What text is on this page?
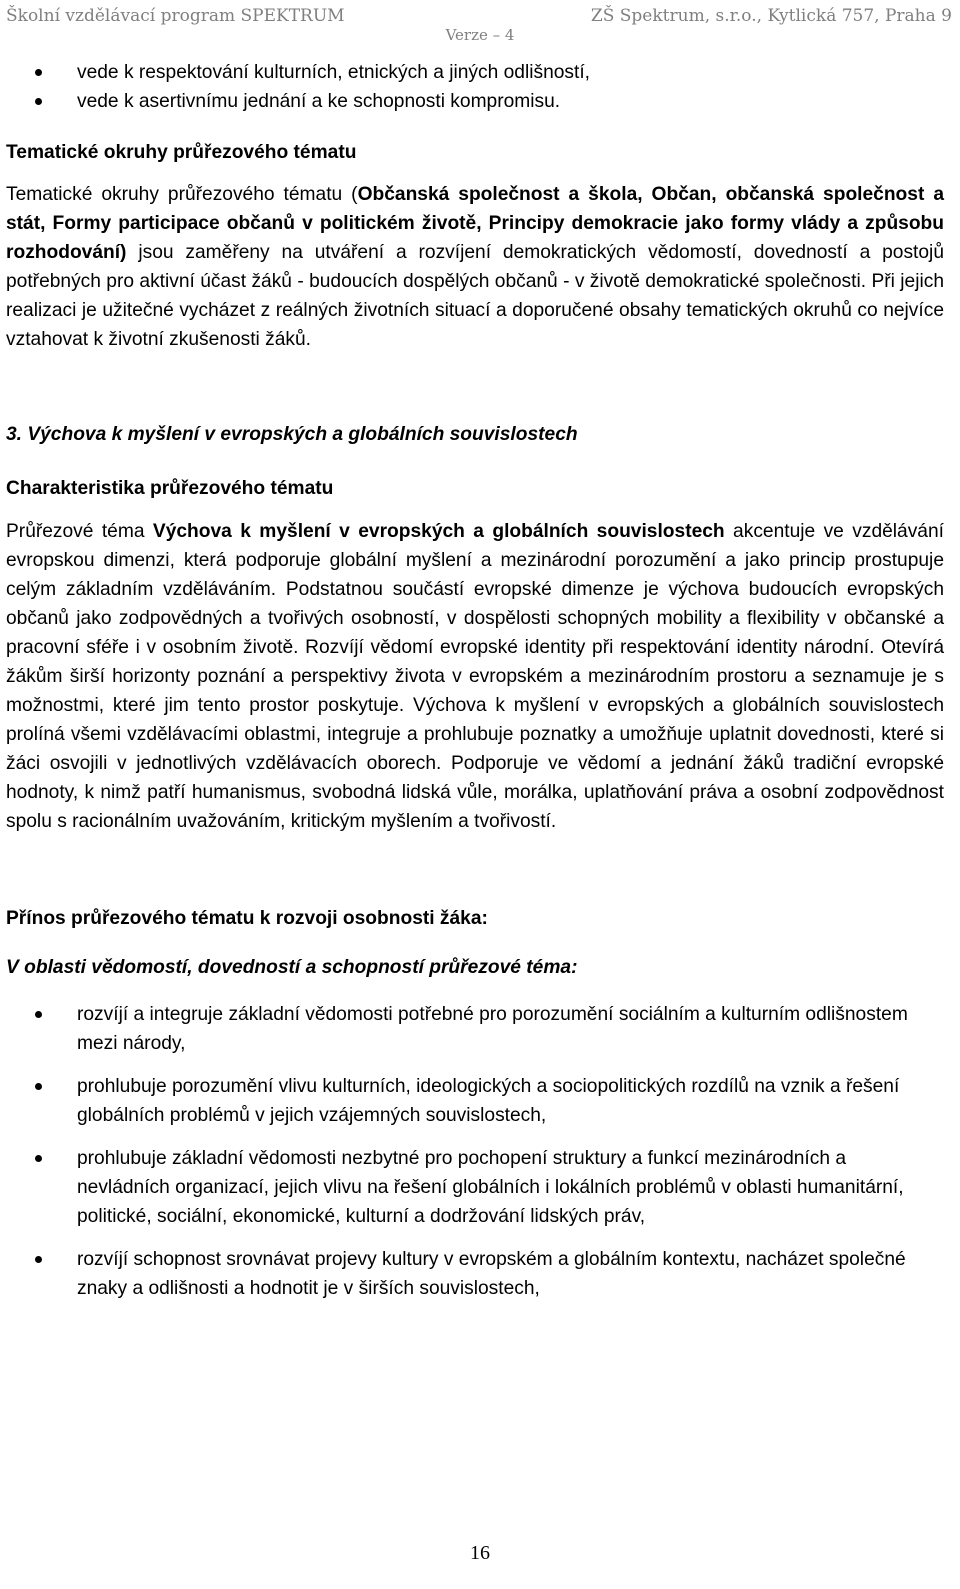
Školní vzdělávací program SPEKTRUM	ZŠ Spektrum, s.r.o., Kytlická 757, Praha 9
Verze – 4
vede k respektování kulturních, etnických a jiných odlišností,
vede k asertivnímu jednání a ke schopnosti kompromisu.

Tematické okruhy průřezového tématu

Tematické okruhy průřezového tématu (Občanská společnost a škola, Občan, občanská společnost a stát, Formy participace občanů v politickém životě, Principy demokracie jako formy vlády a způsobu rozhodování) jsou zaměřeny na utváření a rozvíjení demokratických vědomostí, dovedností a postojů potřebných pro aktivní účast žáků - budoucích dospělých občanů - v životě demokratické společnosti. Při jejich realizaci je užitečné vycházet z reálných životních situací a doporučené obsahy tematických okruhů co nejvíce vztahovat k životní zkušenosti žáků.

3. Výchova k myšlení v evropských a globálních souvislostech

Charakteristika průřezového tématu

Průřezové téma Výchova k myšlení v evropských a globálních souvislostech akcentuje ve vzdělávání evropskou dimenzi, která podporuje globální myšlení a mezinárodní porozumění a jako princip prostupuje celým základním vzděláváním. Podstatnou součástí evropské dimenze je výchova budoucích evropských občanů jako zodpovědných a tvořivých osobností, v dospělosti schopných mobility a flexibility v občanské a pracovní sféře i v osobním životě. Rozvíjí vědomí evropské identity při respektování identity národní. Otevírá žákům širší horizonty poznání a perspektivy života v evropském a mezinárodním prostoru a seznamuje je s možnostmi, které jim tento prostor poskytuje. Výchova k myšlení v evropských a globálních souvislostech prolíná všemi vzdělávacími oblastmi, integruje a prohlubuje poznatky a umožňuje uplatnit dovednosti, které si žáci osvojili v jednotlivých vzdělávacích oborech. Podporuje ve vědomí a jednání žáků tradiční evropské hodnoty, k nimž patří humanismus, svobodná lidská vůle, morálka, uplatňování práva a osobní zodpovědnost spolu s racionálním uvažováním, kritickým myšlením a tvořivostí.

Přínos průřezového tématu k rozvoji osobnosti žáka:

V oblasti vědomostí, dovedností a schopností průřezové téma:

rozvíjí a integruje základní vědomosti potřebné pro porozumění sociálním a kulturním odlišnostem mezi národy,
prohlubuje porozumění vlivu kulturních, ideologických a sociopolitických rozdílů na vznik a řešení globálních problémů v jejich vzájemných souvislostech,
prohlubuje základní vědomosti nezbytné pro pochopení struktury a funkcí mezinárodních a nevládních organizací, jejich vlivu na řešení globálních i lokálních problémů v oblasti humanitární, politické, sociální, ekonomické, kulturní a dodržování lidských práv,
rozvíjí schopnost srovnávat projevy kultury v evropském a globálním kontextu, nacházet společné znaky a odlišnosti a hodnotit je v širších souvislostech,
16
